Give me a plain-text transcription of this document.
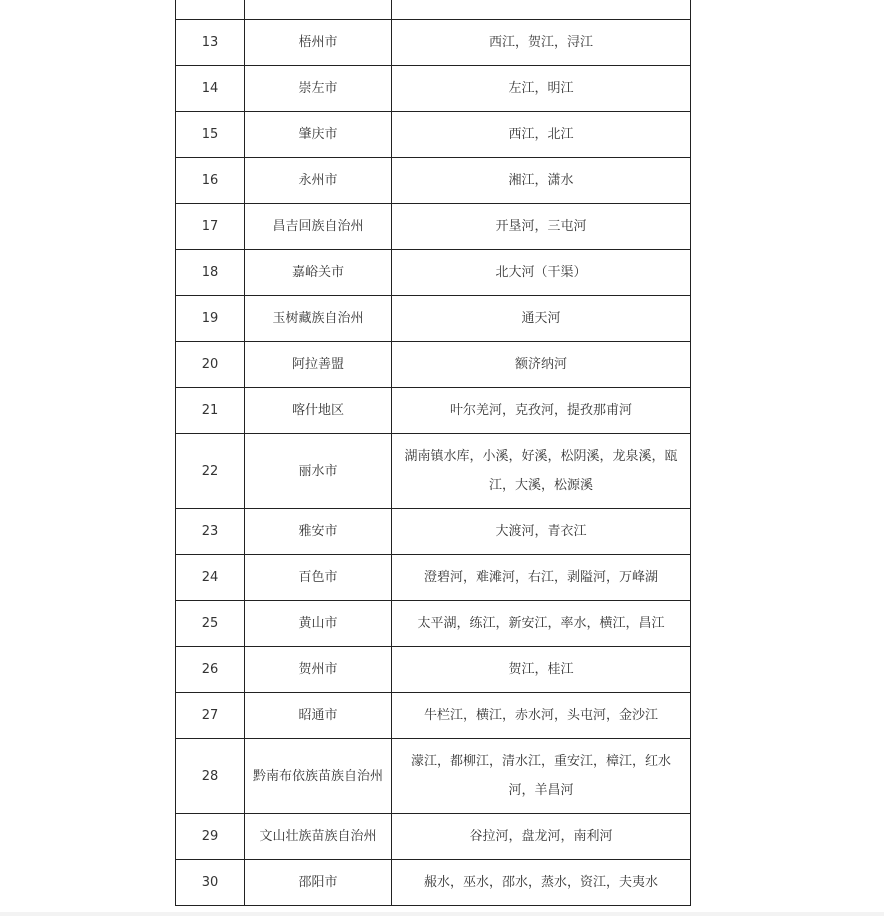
13	梧州市	西江，贺江，浔江
14	崇左市	左江，明江
15	肇庆市	西江，北江
16	永州市	湘江，潇水
17	昌吉回族自治州	开垦河，三屯河
18	嘉峪关市	北大河（干渠）
19	玉树藏族自治州	通天河
20	阿拉善盟	额济纳河
21	喀什地区	叶尔羌河，克孜河，提孜那甫河
22	丽水市	湖南镇水库，小溪，好溪，松阴溪，龙泉溪，瓯江，大溪，松源溪
23	雅安市	大渡河，青衣江
24	百色市	澄碧河，难滩河，右江，剥隘河，万峰湖
25	黄山市	太平湖，练江，新安江，率水，横江，昌江
26	贺州市	贺江，桂江
27	昭通市	牛栏江，横江，赤水河，头屯河，金沙江
28	黔南布依族苗族自治州	濛江，都柳江，清水江，重安江，樟江，红水河，羊昌河
29	文山壮族苗族自治州	谷拉河，盘龙河，南利河
30	邵阳市	赧水，巫水，邵水，蒸水，资江，夫夷水
